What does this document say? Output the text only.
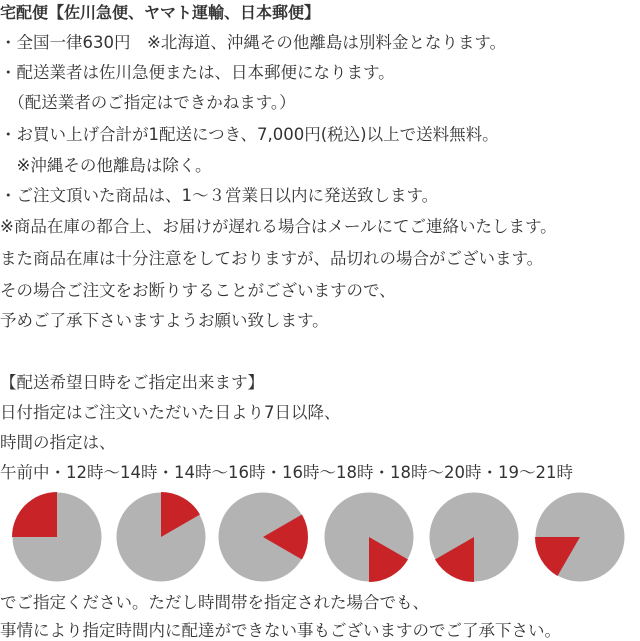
宅配便【佐川急便、ヤマト運輸、日本郵便】
・全国一律630円　※北海道、沖縄その他離島は別料金となります。
・配送業者は佐川急便または、日本郵便になります。
　（配送業者のご指定はできかねます。）
・お買い上げ合計が1配送につき、7,000円(税込)以上で送料無料。
　※沖縄その他離島は除く。
・ご注文頂いた商品は、1～３営業日以内に発送致します。
※商品在庫の都合上、お届けが遅れる場合はメールにてご連絡いたします。
また商品在庫は十分注意をしておりますが、品切れの場合がございます。
その場合ご注文をお断りすることがございますので、
予めご了承下さいますようお願い致します。
【配送希望日時をご指定出来ます】
日付指定はご注文いただいた日より7日以降、
時間の指定は、
午前中・12時～14時・14時～16時・16時～18時・18時～20時・19～21時
でご指定ください。ただし時間帯を指定された場合でも、
事情により指定時間内に配達ができない事もございますのでご了承下さい。
